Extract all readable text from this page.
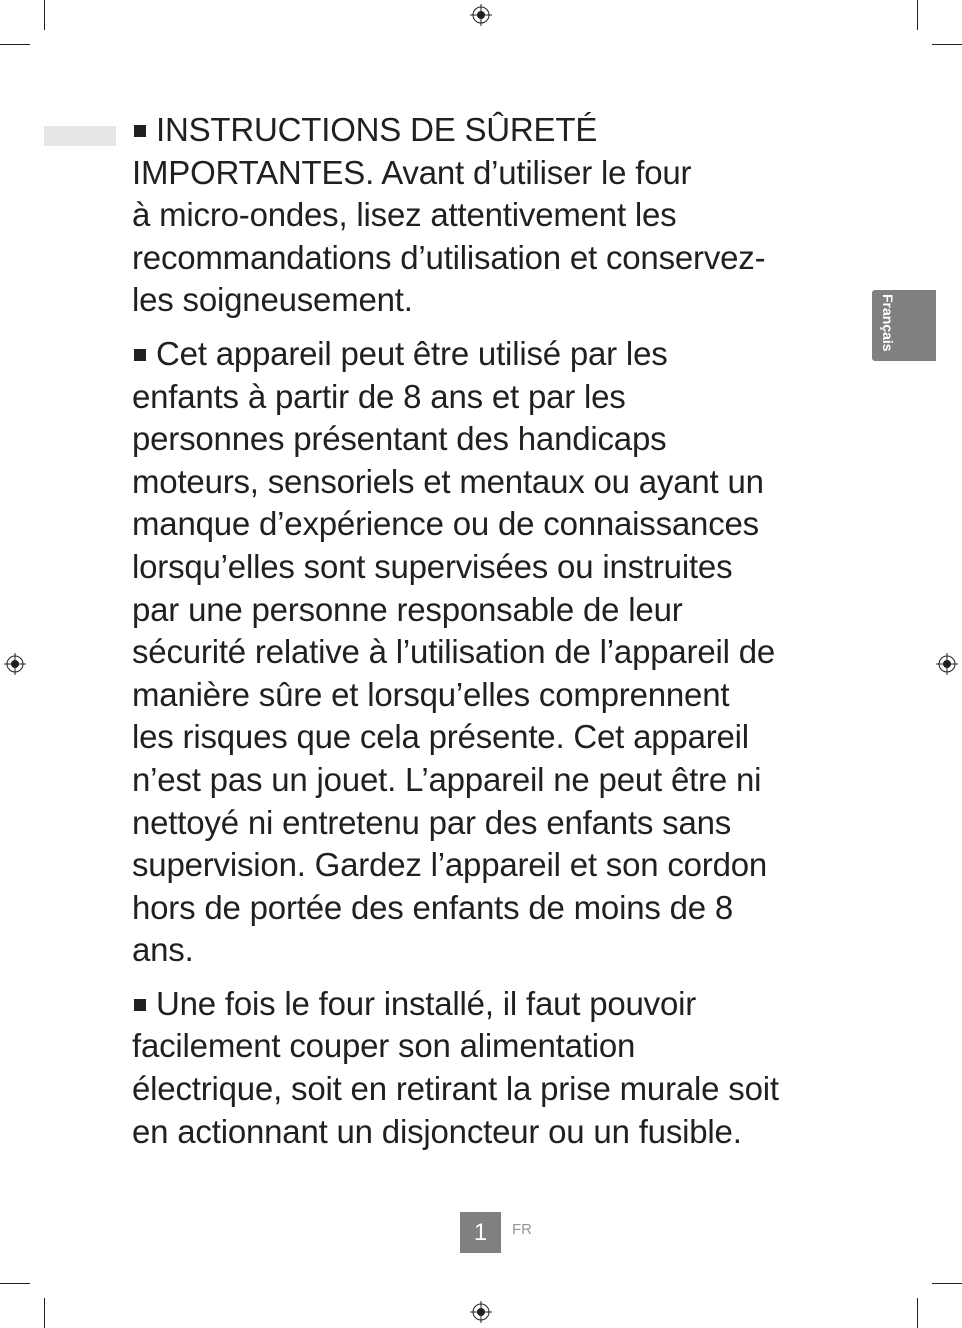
Français
INSTRUCTIONS DE SÛRETÉ
IMPORTANTES. Avant d’utiliser le four
à micro-ondes, lisez attentivement les
recommandations d’utilisation et conservez-
les soigneusement.
Cet appareil peut être utilisé par les
enfants à partir de 8 ans et par les
personnes présentant des handicaps
moteurs, sensoriels et mentaux ou ayant un
manque d’expérience ou de connaissances
lorsqu’elles sont supervisées ou instruites
par une personne responsable de leur
sécurité relative à l’utilisation de l’appareil de
manière sûre et lorsqu’elles comprennent
les risques que cela présente. Cet appareil
n’est pas un jouet. L’appareil ne peut être ni
nettoyé ni entretenu par des enfants sans
supervision. Gardez l’appareil et son cordon
hors de portée des enfants de moins de 8
ans.
Une fois le four installé, il faut pouvoir
facilement couper son alimentation
électrique, soit en retirant la prise murale soit
en actionnant un disjoncteur ou un fusible.
1	FR
